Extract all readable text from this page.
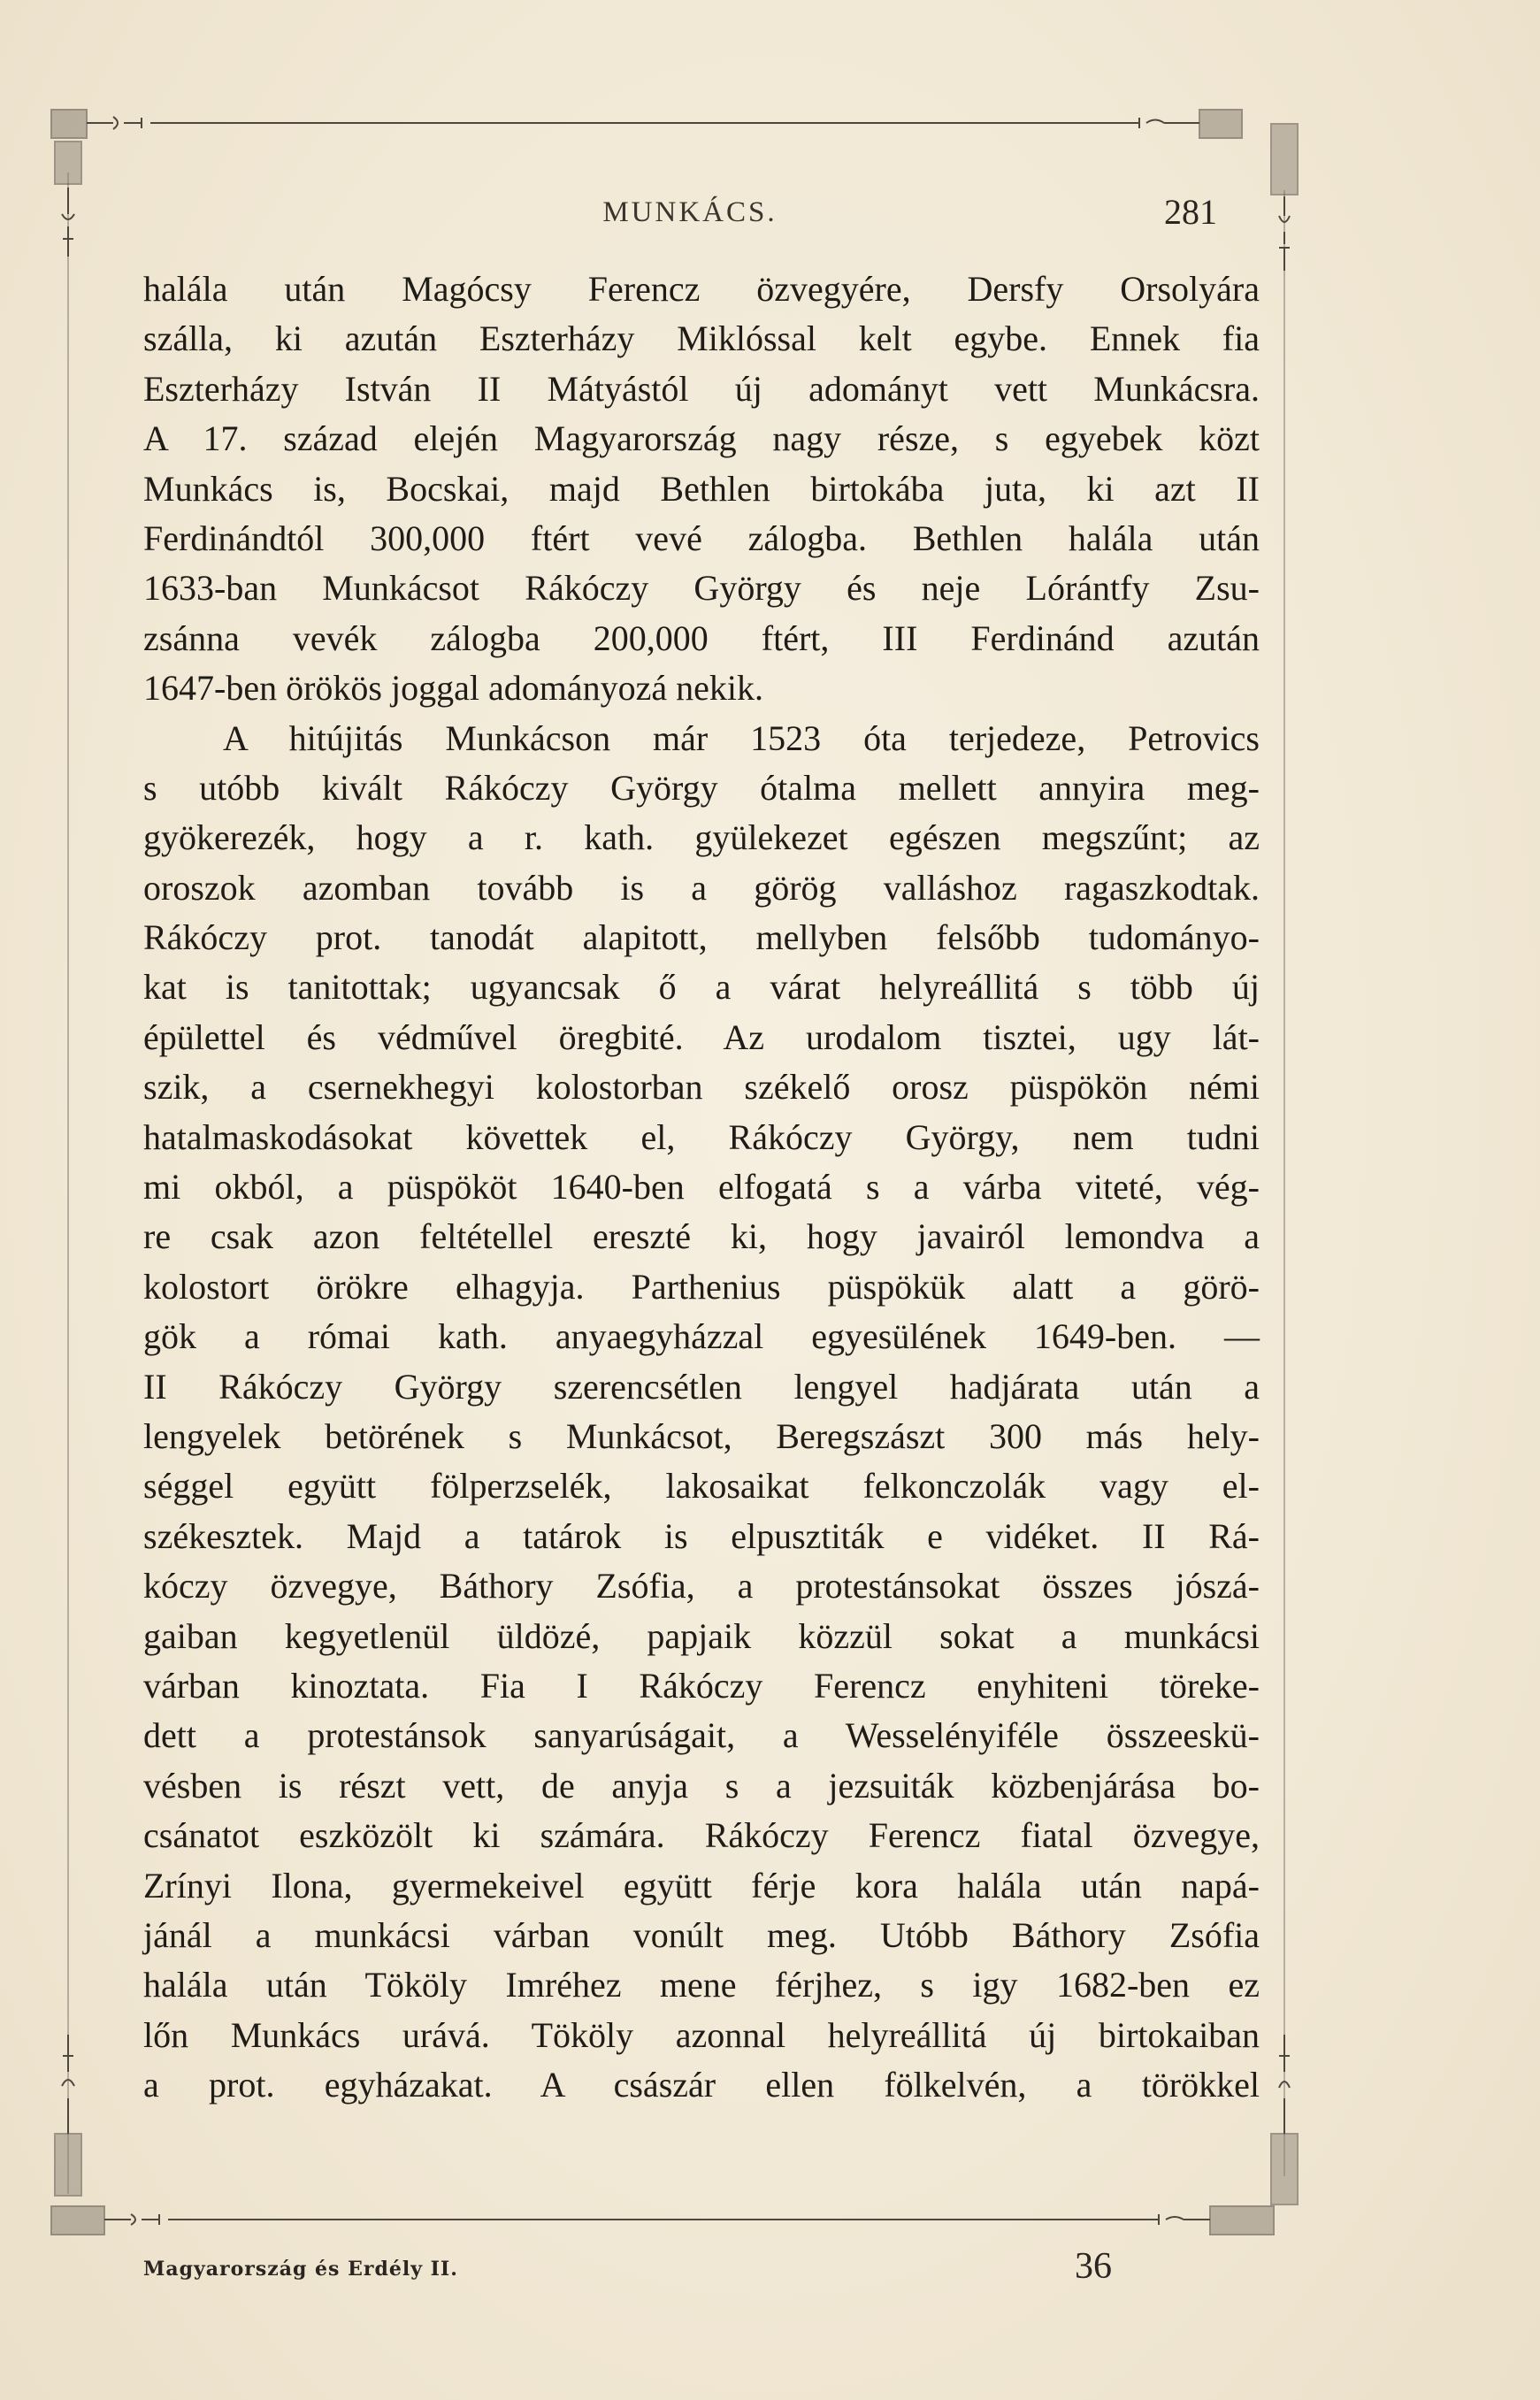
MUNKÁCS.	281
halála után Magócsy Ferencz özvegyére, Dersfy Orsolyára
szálla, ki azután Eszterházy Miklóssal kelt egybe. Ennek fia
Eszterházy István II Mátyástól új adományt vett Munkácsra.
A 17. század elején Magyarország nagy része, s egyebek közt
Munkács is, Bocskai, majd Bethlen birtokába juta, ki azt II
Ferdinándtól 300,000 ftért vevé zálogba. Bethlen halála után
1633-ban Munkácsot Rákóczy György és neje Lórántfy Zsu-
zsánna vevék zálogba 200,000 ftért, III Ferdinánd azután
1647-ben örökös joggal adományozá nekik.
A hitújitás Munkácson már 1523 óta terjedeze, Petrovics
s utóbb kivált Rákóczy György ótalma mellett annyira meg-
gyökerezék, hogy a r. kath. gyülekezet egészen megszűnt; az
oroszok azomban tovább is a görög valláshoz ragaszkodtak.
Rákóczy prot. tanodát alapitott, mellyben felsőbb tudományo-
kat is tanitottak; ugyancsak ő a várat helyreállitá s több új
épülettel és védművel öregbité. Az urodalom tisztei, ugy lát-
szik, a csernekhegyi kolostorban székelő orosz püspökön némi
hatalmaskodásokat követtek el, Rákóczy György, nem tudni
mi okból, a püspököt 1640-ben elfogatá s a várba viteté, vég-
re csak azon feltétellel ereszté ki, hogy javairól lemondva a
kolostort örökre elhagyja. Parthenius püspökük alatt a görö-
gök a római kath. anyaegyházzal egyesülének 1649-ben. —
II Rákóczy György szerencsétlen lengyel hadjárata után a
lengyelek betörének s Munkácsot, Beregszászt 300 más hely-
séggel együtt fölperzselék, lakosaikat felkonczolák vagy el-
székesztek. Majd a tatárok is elpusztiták e vidéket. II Rá-
kóczy özvegye, Báthory Zsófia, a protestánsokat összes jószá-
gaiban kegyetlenül üldözé, papjaik közzül sokat a munkácsi
várban kinoztata. Fia I Rákóczy Ferencz enyhiteni töreke-
dett a protestánsok sanyarúságait, a Wesselényiféle összeeskü-
vésben is részt vett, de anyja s a jezsuiták közbenjárása bo-
csánatot eszközölt ki számára. Rákóczy Ferencz fiatal özvegye,
Zrínyi Ilona, gyermekeivel együtt férje kora halála után napá-
jánál a munkácsi várban vonúlt meg. Utóbb Báthory Zsófia
halála után Tököly Imréhez mene férjhez, s igy 1682-ben ez
lőn Munkács urává. Tököly azonnal helyreállitá új birtokaiban
a prot. egyházakat. A császár ellen fölkelvén, a törökkel
Magyarország és Erdély II.	36
